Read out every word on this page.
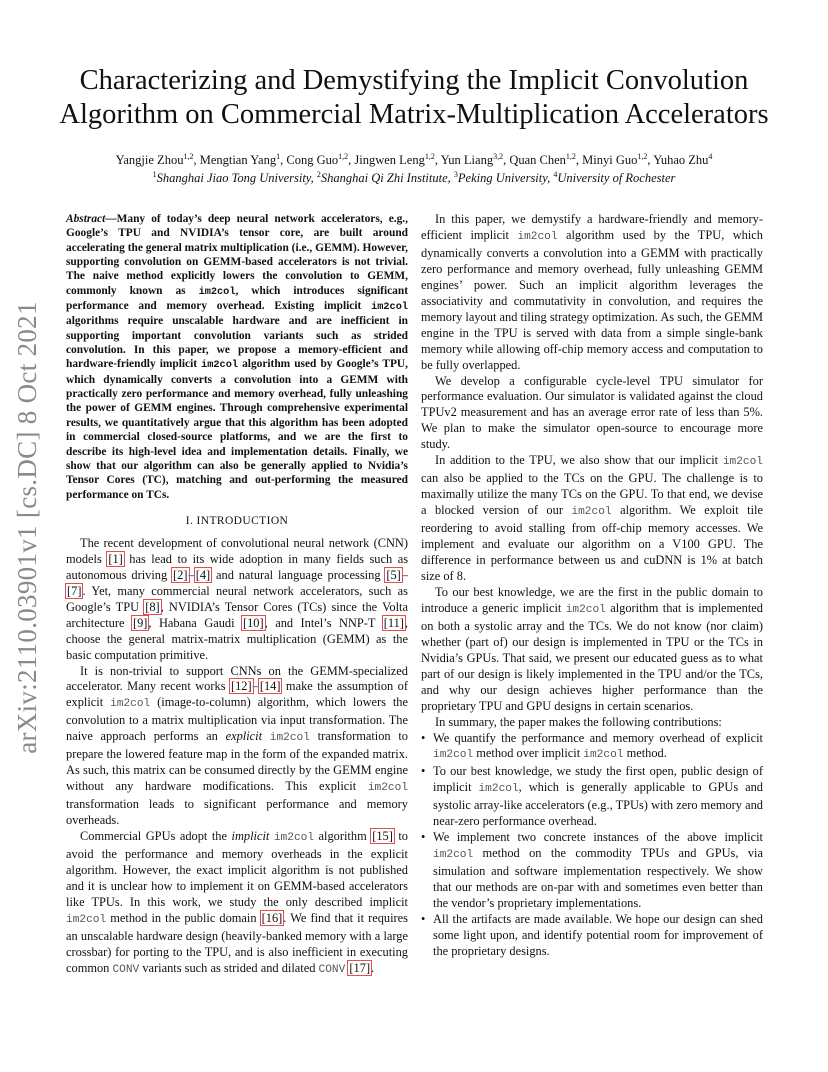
arXiv:2110.03901v1 [cs.DC] 8 Oct 2021
Characterizing and Demystifying the Implicit Convolution
Algorithm on Commercial Matrix-Multiplication Accelerators
Yangjie Zhou$^{1,2}$, Mengtian Yang$^1$, Cong Guo$^{1,2}$, Jingwen Leng$^{1,2}$, Yun Liang$^{3,2}$, Quan Chen$^{1,2}$, Minyi Guo$^{1,2}$, Yuhao Zhu$^4$
$^1$Shanghai Jiao Tong University, $^2$Shanghai Qi Zhi Institute, $^3$Peking University, $^4$University of Rochester

Abstract—Many of today’s deep neural network accelerators, e.g., Google’s TPU and NVIDIA’s tensor core, are built around accelerating the general matrix multiplication (i.e., GEMM). However, supporting convolution on GEMM-based accelerators is not trivial. The naive method explicitly lowers the convolution to GEMM, commonly known as im2col, which introduces significant performance and memory overhead. Existing implicit im2col algorithms require unscalable hardware and are inefficient in supporting important convolution variants such as strided convolution. In this paper, we propose a memory-efficient and hardware-friendly implicit im2col algorithm used by Google’s TPU, which dynamically converts a convolution into a GEMM with practically zero performance and memory overhead, fully unleashing the power of GEMM engines. Through comprehensive experimental results, we quantitatively argue that this algorithm has been adopted in commercial closed-source platforms, and we are the first to describe its high-level idea and implementation details. Finally, we show that our algorithm can also be generally applied to Nvidia’s Tensor Cores (TC), matching and out-performing the measured performance on TCs.

I. INTRODUCTION

The recent development of convolutional neural network (CNN) models [1] has lead to its wide adoption in many fields such as autonomous driving [2]–[4] and natural language processing [5]–[7]. Yet, many commercial neural network accelerators, such as Google’s TPU [8], NVIDIA’s Tensor Cores (TCs) since the Volta architecture [9], Habana Gaudi [10], and Intel’s NNP-T [11], choose the general matrix-matrix multiplication (GEMM) as the basic computation primitive.

It is non-trivial to support CNNs on the GEMM-specialized accelerator. Many recent works [12]–[14] make the assumption of explicit im2col (image-to-column) algorithm, which lowers the convolution to a matrix multiplication via input transformation. The naive approach performs an explicit im2col transformation to prepare the lowered feature map in the form of the expanded matrix. As such, this matrix can be consumed directly by the GEMM engine without any hardware modifications. This explicit im2col transformation leads to significant performance and memory overheads.

Commercial GPUs adopt the implicit im2col algorithm [15] to avoid the performance and memory overheads in the explicit algorithm. However, the exact implicit algorithm is not published and it is unclear how to implement it on GEMM-based accelerators like TPUs. In this work, we study the only described implicit im2col method in the public domain [16]. We find that it requires an unscalable hardware design (heavily-banked memory with a large crossbar) for porting to the TPU, and is also inefficient in executing common CONV variants such as strided and dilated CONV [17].

In this paper, we demystify a hardware-friendly and memory-efficient implicit im2col algorithm used by the TPU, which dynamically converts a convolution into a GEMM with practically zero performance and memory overhead, fully unleashing GEMM engines’ power. Such an implicit algorithm leverages the associativity and commutativity in convolution, and requires the memory layout and tiling strategy optimization. As such, the GEMM engine in the TPU is served with data from a simple single-bank memory while allowing off-chip memory access and computation to be fully overlapped.

We develop a configurable cycle-level TPU simulator for performance evaluation. Our simulator is validated against the cloud TPUv2 measurement and has an average error rate of less than 5%. We plan to make the simulator open-source to encourage more study.

In addition to the TPU, we also show that our implicit im2col can also be applied to the TCs on the GPU. The challenge is to maximally utilize the many TCs on the GPU. To that end, we devise a blocked version of our im2col algorithm. We exploit tile reordering to avoid stalling from off-chip memory accesses. We implement and evaluate our algorithm on a V100 GPU. The difference in performance between us and cuDNN is 1% at batch size of 8.

To our best knowledge, we are the first in the public domain to introduce a generic implicit im2col algorithm that is implemented on both a systolic array and the TCs. We do not know (nor claim) whether (part of) our design is implemented in TPU or the TCs in Nvidia’s GPUs. That said, we present our educated guess as to what part of our design is likely implemented in the TPU and/or the TCs, and why our design achieves higher performance than the proprietary TPU and GPU designs in certain scenarios.

In summary, the paper makes the following contributions:

• We quantify the performance and memory overhead of explicit im2col method over implicit im2col method.
• To our best knowledge, we study the first open, public design of implicit im2col, which is generally applicable to GPUs and systolic array-like accelerators (e.g., TPUs) with zero memory and near-zero performance overhead.
• We implement two concrete instances of the above implicit im2col method on the commodity TPUs and GPUs, via simulation and software implementation respectively. We show that our methods are on-par with and sometimes even better than the vendor’s proprietary implementations.
• All the artifacts are made available. We hope our design can shed some light upon, and identify potential room for improvement of the proprietary designs.
